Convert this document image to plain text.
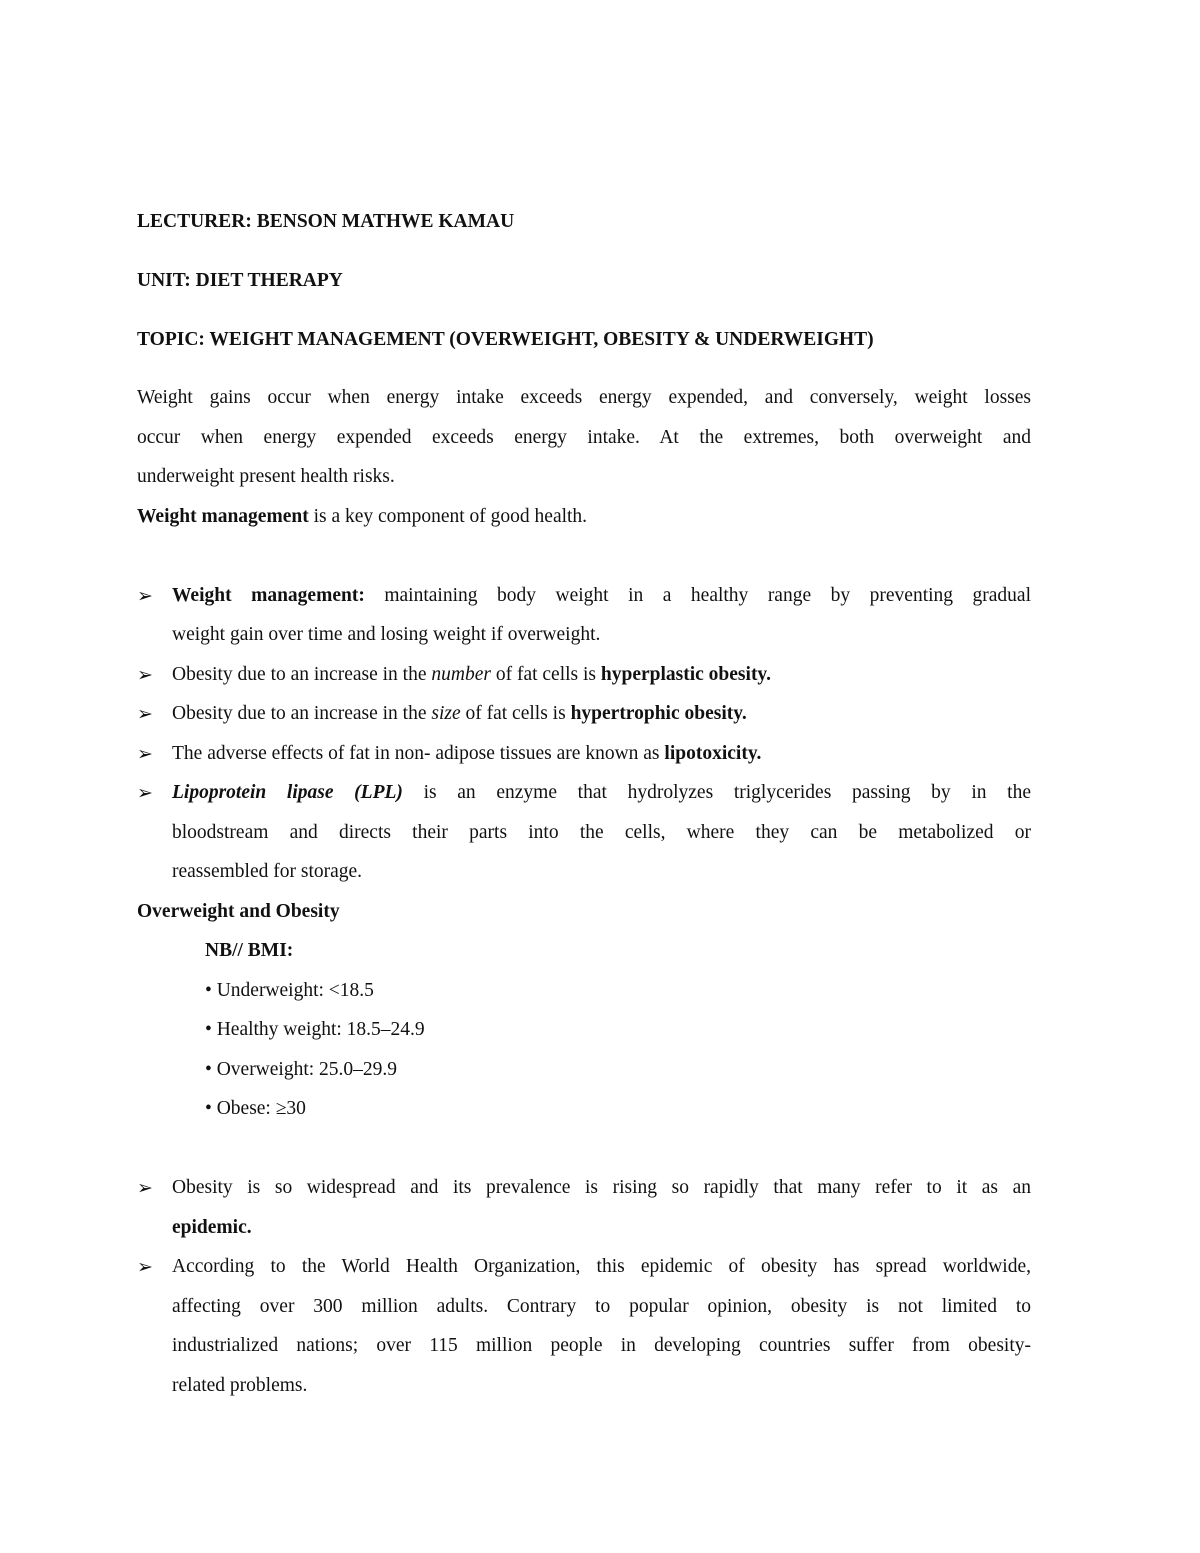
LECTURER: BENSON MATHWE KAMAU
UNIT: DIET THERAPY
TOPIC: WEIGHT MANAGEMENT (OVERWEIGHT, OBESITY & UNDERWEIGHT)
Weight gains occur when energy intake exceeds energy expended, and conversely, weight losses
occur when energy expended exceeds energy intake. At the extremes, both overweight and
underweight present health risks.
Weight management is a key component of good health.
➢ Weight management: maintaining body weight in a healthy range by preventing gradual
weight gain over time and losing weight if overweight.
➢ Obesity due to an increase in the number of fat cells is hyperplastic obesity.
➢ Obesity due to an increase in the size of fat cells is hypertrophic obesity.
➢ The adverse effects of fat in non- adipose tissues are known as lipotoxicity.
➢ Lipoprotein lipase (LPL) is an enzyme that hydrolyzes triglycerides passing by in the
bloodstream and directs their parts into the cells, where they can be metabolized or
reassembled for storage.
Overweight and Obesity
NB// BMI:
• Underweight: <18.5
• Healthy weight: 18.5–24.9
• Overweight: 25.0–29.9
• Obese: ≥30
➢ Obesity is so widespread and its prevalence is rising so rapidly that many refer to it as an
epidemic.
➢ According to the World Health Organization, this epidemic of obesity has spread worldwide,
affecting over 300 million adults. Contrary to popular opinion, obesity is not limited to
industrialized nations; over 115 million people in developing countries suffer from obesity-
related problems.
